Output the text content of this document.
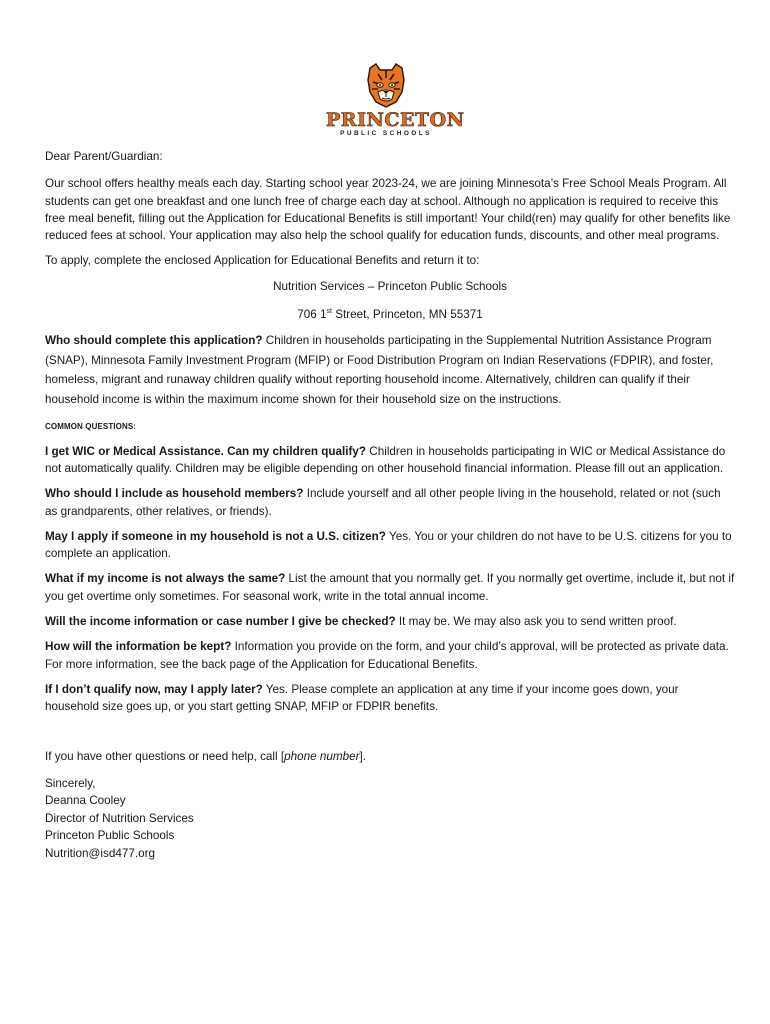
PRINCETON
PUBLIC SCHOOLS

Dear Parent/Guardian:

Our school offers healthy meals each day. Starting school year 2023-24, we are joining Minnesota’s Free School Meals Program. All students can get one breakfast and one lunch free of charge each day at school. Although no application is required to receive this free meal benefit, filling out the Application for Educational Benefits is still important! Your child(ren) may qualify for other benefits like reduced fees at school. Your application may also help the school qualify for education funds, discounts, and other meal programs.

To apply, complete the enclosed Application for Educational Benefits and return it to:

Nutrition Services – Princeton Public Schools

706 1st Street, Princeton, MN 55371

Who should complete this application? Children in households participating in the Supplemental Nutrition Assistance Program (SNAP), Minnesota Family Investment Program (MFIP) or Food Distribution Program on Indian Reservations (FDPIR), and foster, homeless, migrant and runaway children qualify without reporting household income. Alternatively, children can qualify if their household income is within the maximum income shown for their household size on the instructions.

COMMON QUESTIONS:

I get WIC or Medical Assistance. Can my children qualify? Children in households participating in WIC or Medical Assistance do not automatically qualify. Children may be eligible depending on other household financial information. Please fill out an application.

Who should I include as household members? Include yourself and all other people living in the household, related or not (such as grandparents, other relatives, or friends).

May I apply if someone in my household is not a U.S. citizen? Yes. You or your children do not have to be U.S. citizens for you to complete an application.

What if my income is not always the same? List the amount that you normally get. If you normally get overtime, include it, but not if you get overtime only sometimes. For seasonal work, write in the total annual income.

Will the income information or case number I give be checked? It may be. We may also ask you to send written proof.

How will the information be kept? Information you provide on the form, and your child’s approval, will be protected as private data. For more information, see the back page of the Application for Educational Benefits.

If I don’t qualify now, may I apply later? Yes. Please complete an application at any time if your income goes down, your household size goes up, or you start getting SNAP, MFIP or FDPIR benefits.

If you have other questions or need help, call [phone number].

Sincerely,

Deanna Cooley

Director of Nutrition Services

Princeton Public Schools

Nutrition@isd477.org
